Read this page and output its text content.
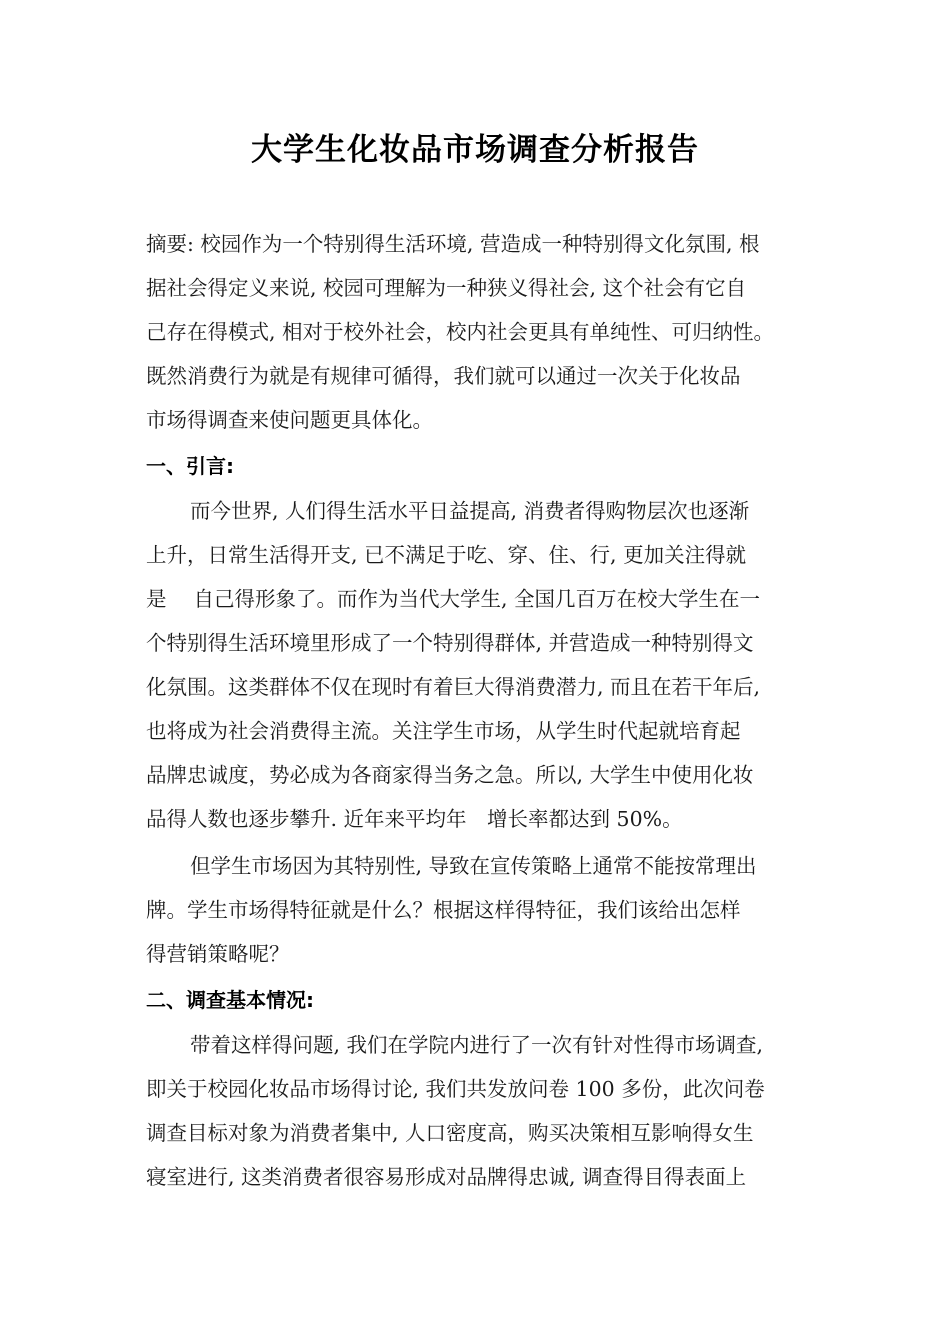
大学生化妆品市场调查分析报告
摘要: 校园作为一个特别得生活环境, 营造成一种特别得文化氛围, 根
据社会得定义来说, 校园可理解为一种狭义得社会, 这个社会有它自
己存在得模式, 相对于校外社会，校内社会更具有单纯性、可归纳性。
既然消费行为就是有规律可循得，我们就可以通过一次关于化妆品
市场得调查来使问题更具体化。
一、引言:
而今世界, 人们得生活水平日益提高, 消费者得购物层次也逐渐
上升，日常生活得开支, 已不满足于吃、穿、住、行, 更加关注得就
是　 自己得形象了。而作为当代大学生, 全国几百万在校大学生在一
个特别得生活环境里形成了一个特别得群体, 并营造成一种特别得文
化氛围。这类群体不仅在现时有着巨大得消费潜力, 而且在若干年后,
也将成为社会消费得主流。关注学生市场，从学生时代起就培育起
品牌忠诚度，势必成为各商家得当务之急。所以, 大学生中使用化妆
品得人数也逐步攀升. 近年来平均年　增长率都达到 50%。
但学生市场因为其特别性, 导致在宣传策略上通常不能按常理出
牌。学生市场得特征就是什么？根据这样得特征，我们该给出怎样
得营销策略呢？
二、调查基本情况:
带着这样得问题, 我们在学院内进行了一次有针对性得市场调查,
即关于校园化妆品市场得讨论, 我们共发放问卷 100 多份，此次问卷
调查目标对象为消费者集中, 人口密度高，购买决策相互影响得女生
寝室进行, 这类消费者很容易形成对品牌得忠诚, 调查得目得表面上
